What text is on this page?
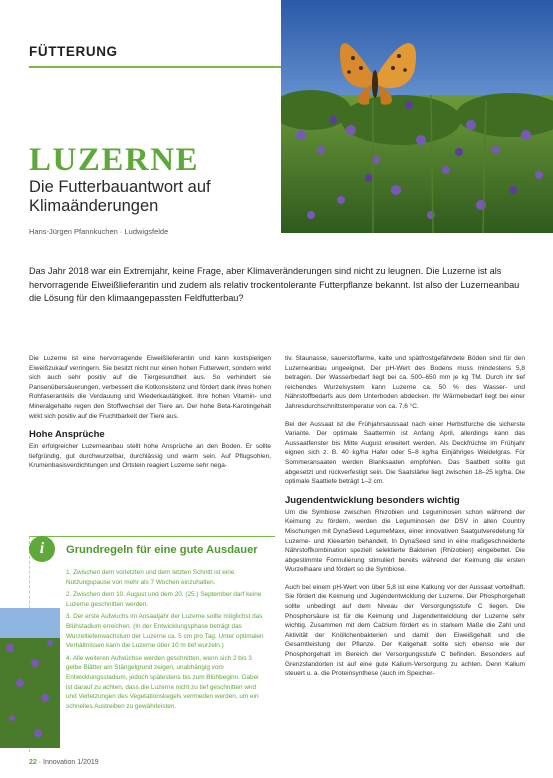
FÜTTERUNG
LUZERNE
Die Futterbauantwort auf Klimaänderungen
Hans-Jürgen Pfannkuchen · Ludwigsfelde
Das Jahr 2018 war ein Extremjahr, keine Frage, aber Klimaveränderungen sind nicht zu leugnen. Die Luzerne ist als hervorragende Eiweißlieferantin und zudem als relativ trockentolerante Futterpflanze bekannt. Ist also der Luzerneanbau die Lösung für den klimaangepassten Feldfutterbau?

Die Luzerne ist eine hervorragende Eiweißlieferantin und kann kostspieligen Eiweißzukauf verringern. Sie besitzt nicht nur einen hohen Futterwert, sondern wirkt sich auch sehr positiv auf die Tiergesundheit aus. So verhindert sie Pansenübersäuerungen, verbessert die Kotkonsistenz und fördert dank ihres hohen Rohfaseranteils die Verdauung und Wiederkautätigkeit. Ihre hohen Vitamin- und Mineralgehalte regen den Stoffwechsel der Tiere an. Der hohe Beta-Karotingehalt wirkt sich positiv auf die Fruchtbarkeit der Tiere aus.

Hohe Ansprüche

Ein erfolgreicher Luzerneanbau stellt hohe Ansprüche an den Boden. Er sollte tiefgründig, gut durchwurzelbar, durchlässig und warm sein. Auf Pflugsohlen, Krumenbasisverdichtungen und Ortstein reagiert Luzerne sehr nega-

tiv. Staunasse, sauerstoffarme, kalte und spätfrostgefährdete Böden sind für den Luzerneanbau ungeeignet. Der pH-Wert des Bodens muss mindestens 5,8 betragen. Der Wasserbedarf liegt bei ca. 500–650 mm je kg TM. Durch ihr tief reichendes Wurzelsystem kann Luzerne ca. 50 % des Wasser- und Nährstoffbedarfs aus dem Unterboden abdecken. Ihr Wärmebedarf liegt bei einer Jahresdurchschnittstemperatur von ca. 7,6 °C.

Bei der Aussaat ist die Frühjahrsaussaat nach einer Herbstfurche die sicherste Variante. Der optimale Saattermin ist Anfang April, allerdings kann das Aussaatfenster bis Mitte August erweitert werden. Als Deckfrüchte im Frühjahr eignen sich z. B. 40 kg/ha Hafer oder 5–8 kg/ha Einjähriges Weidelgras. Für Sommeransaaten werden Blanksaaten empfohlen. Das Saatbett sollte gut abgesetzt und rückverfestigt sein. Die Saatstärke liegt zwischen 18–25 kg/ha. Die optimale Saattiefe beträgt 1–2 cm.

Jugendentwicklung besonders wichtig

Um die Symbiose zwischen Rhizobien und Leguminosen schon während der Keimung zu fördern, werden die Leguminosen der DSV in allen Country Mischungen mit DynaSeed LegumeMaxx, einer innovativen Saatgutveredelung für Luzerne- und Kleearten behandelt. In DynaSeed sind in eine maßgeschneiderte Nährstoffkombination speziell selektierte Bakterien (Rhizobien) eingebettet. Die abgestimmte Formulierung stimuliert bereits während der Keimung die ersten Wurzelhaare und fördert so die Symbiose.

Auch bei einem pH-Wert von über 5,8 ist eine Kalkung vor der Aussaat vorteilhaft. Sie fördert die Keimung und Jugendentwicklung der Luzerne. Der Phosphorgehalt sollte unbedingt auf dem Niveau der Versorgungsstufe C liegen. Die Phosphorsäure ist für die Keimung und Jugendentwicklung der Luzerne sehr wichtig. Zusammen mit dem Calzium fördert es in starkem Maße die Zahl und Aktivität der Knöllchenbakterien und damit den Eiweißgehalt und die Gesamtleistung der Pflanze. Der Kaligehalt sollte sich ebenso wie der Phosphorgehalt im Bereich der Versorgungsstufe C befinden. Besonders auf Grenzstandorten ist auf eine gute Kalium-Versorgung zu achten. Denn Kalium steuert u. a. die Proteinsynthese (auch im Speicher-

i	Grundregeln für eine gute Ausdauer
1. Zwischen dem vorletzten und dem letzten Schnitt ist eine Nutzungspause von mehr als 7 Wochen einzuhalten.
2. Zwischen dem 10. August und dem 20. (25.) September darf keine Luzerne geschnitten werden.
3. Der erste Aufwuchs im Ansaatjahr der Luzerne sollte möglichst das Blühstadium erreichen. (In der Entwicklungsphase beträgt das Wurzeltiefenwachstum der Luzerne ca. 5 cm pro Tag. Unter optimalen Verhältnissen kann die Luzerne über 10 m tief wurzeln.)
4. Alle weiteren Aufwüchse werden geschnitten, wenn sich 2 bis 3 gelbe Blätter am Stängelgrund zeigen, unabhängig vom Entwicklungsstadium, jedoch spätestens bis zum Blühbeginn. Dabei ist darauf zu achten, dass die Luzerne nicht zu tief geschnitten wird und Verletzungen des Vegetationskegels vermieden werden, um ein schnelles Austreiben zu gewährleisten.
22 · Innovation 1/2019
